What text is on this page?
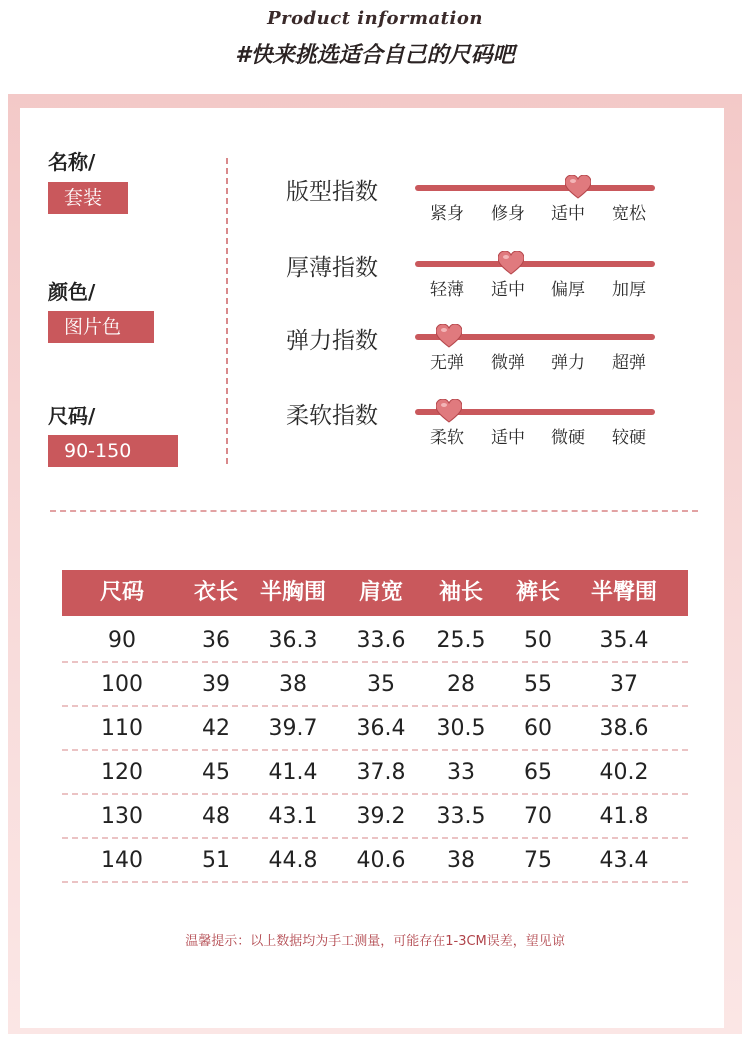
Product information
#快来挑选适合自己的尺码吧
名称/
套装
颜色/
图片色
尺码/
90-150
版型指数
紧身 修身 适中 宽松
厚薄指数
轻薄 适中 偏厚 加厚
弹力指数
无弹 微弹 弹力 超弹
柔软指数
柔软 适中 微硬 较硬
尺码	衣长 半胸围	肩宽	袖长	裤长	半臀围
90	36	36.3	33.6	25.5	50	35.4
100	39	38	35	28	55	37
110	42	39.7	36.4	30.5	60	38.6
120	45	41.4	37.8	33	65	40.2
130	48	43.1	39.2	33.5	70	41.8
140	51	44.8	40.6	38	75	43.4
温馨提示：以上数据均为手工测量，可能存在1-3CM误差，望见谅
